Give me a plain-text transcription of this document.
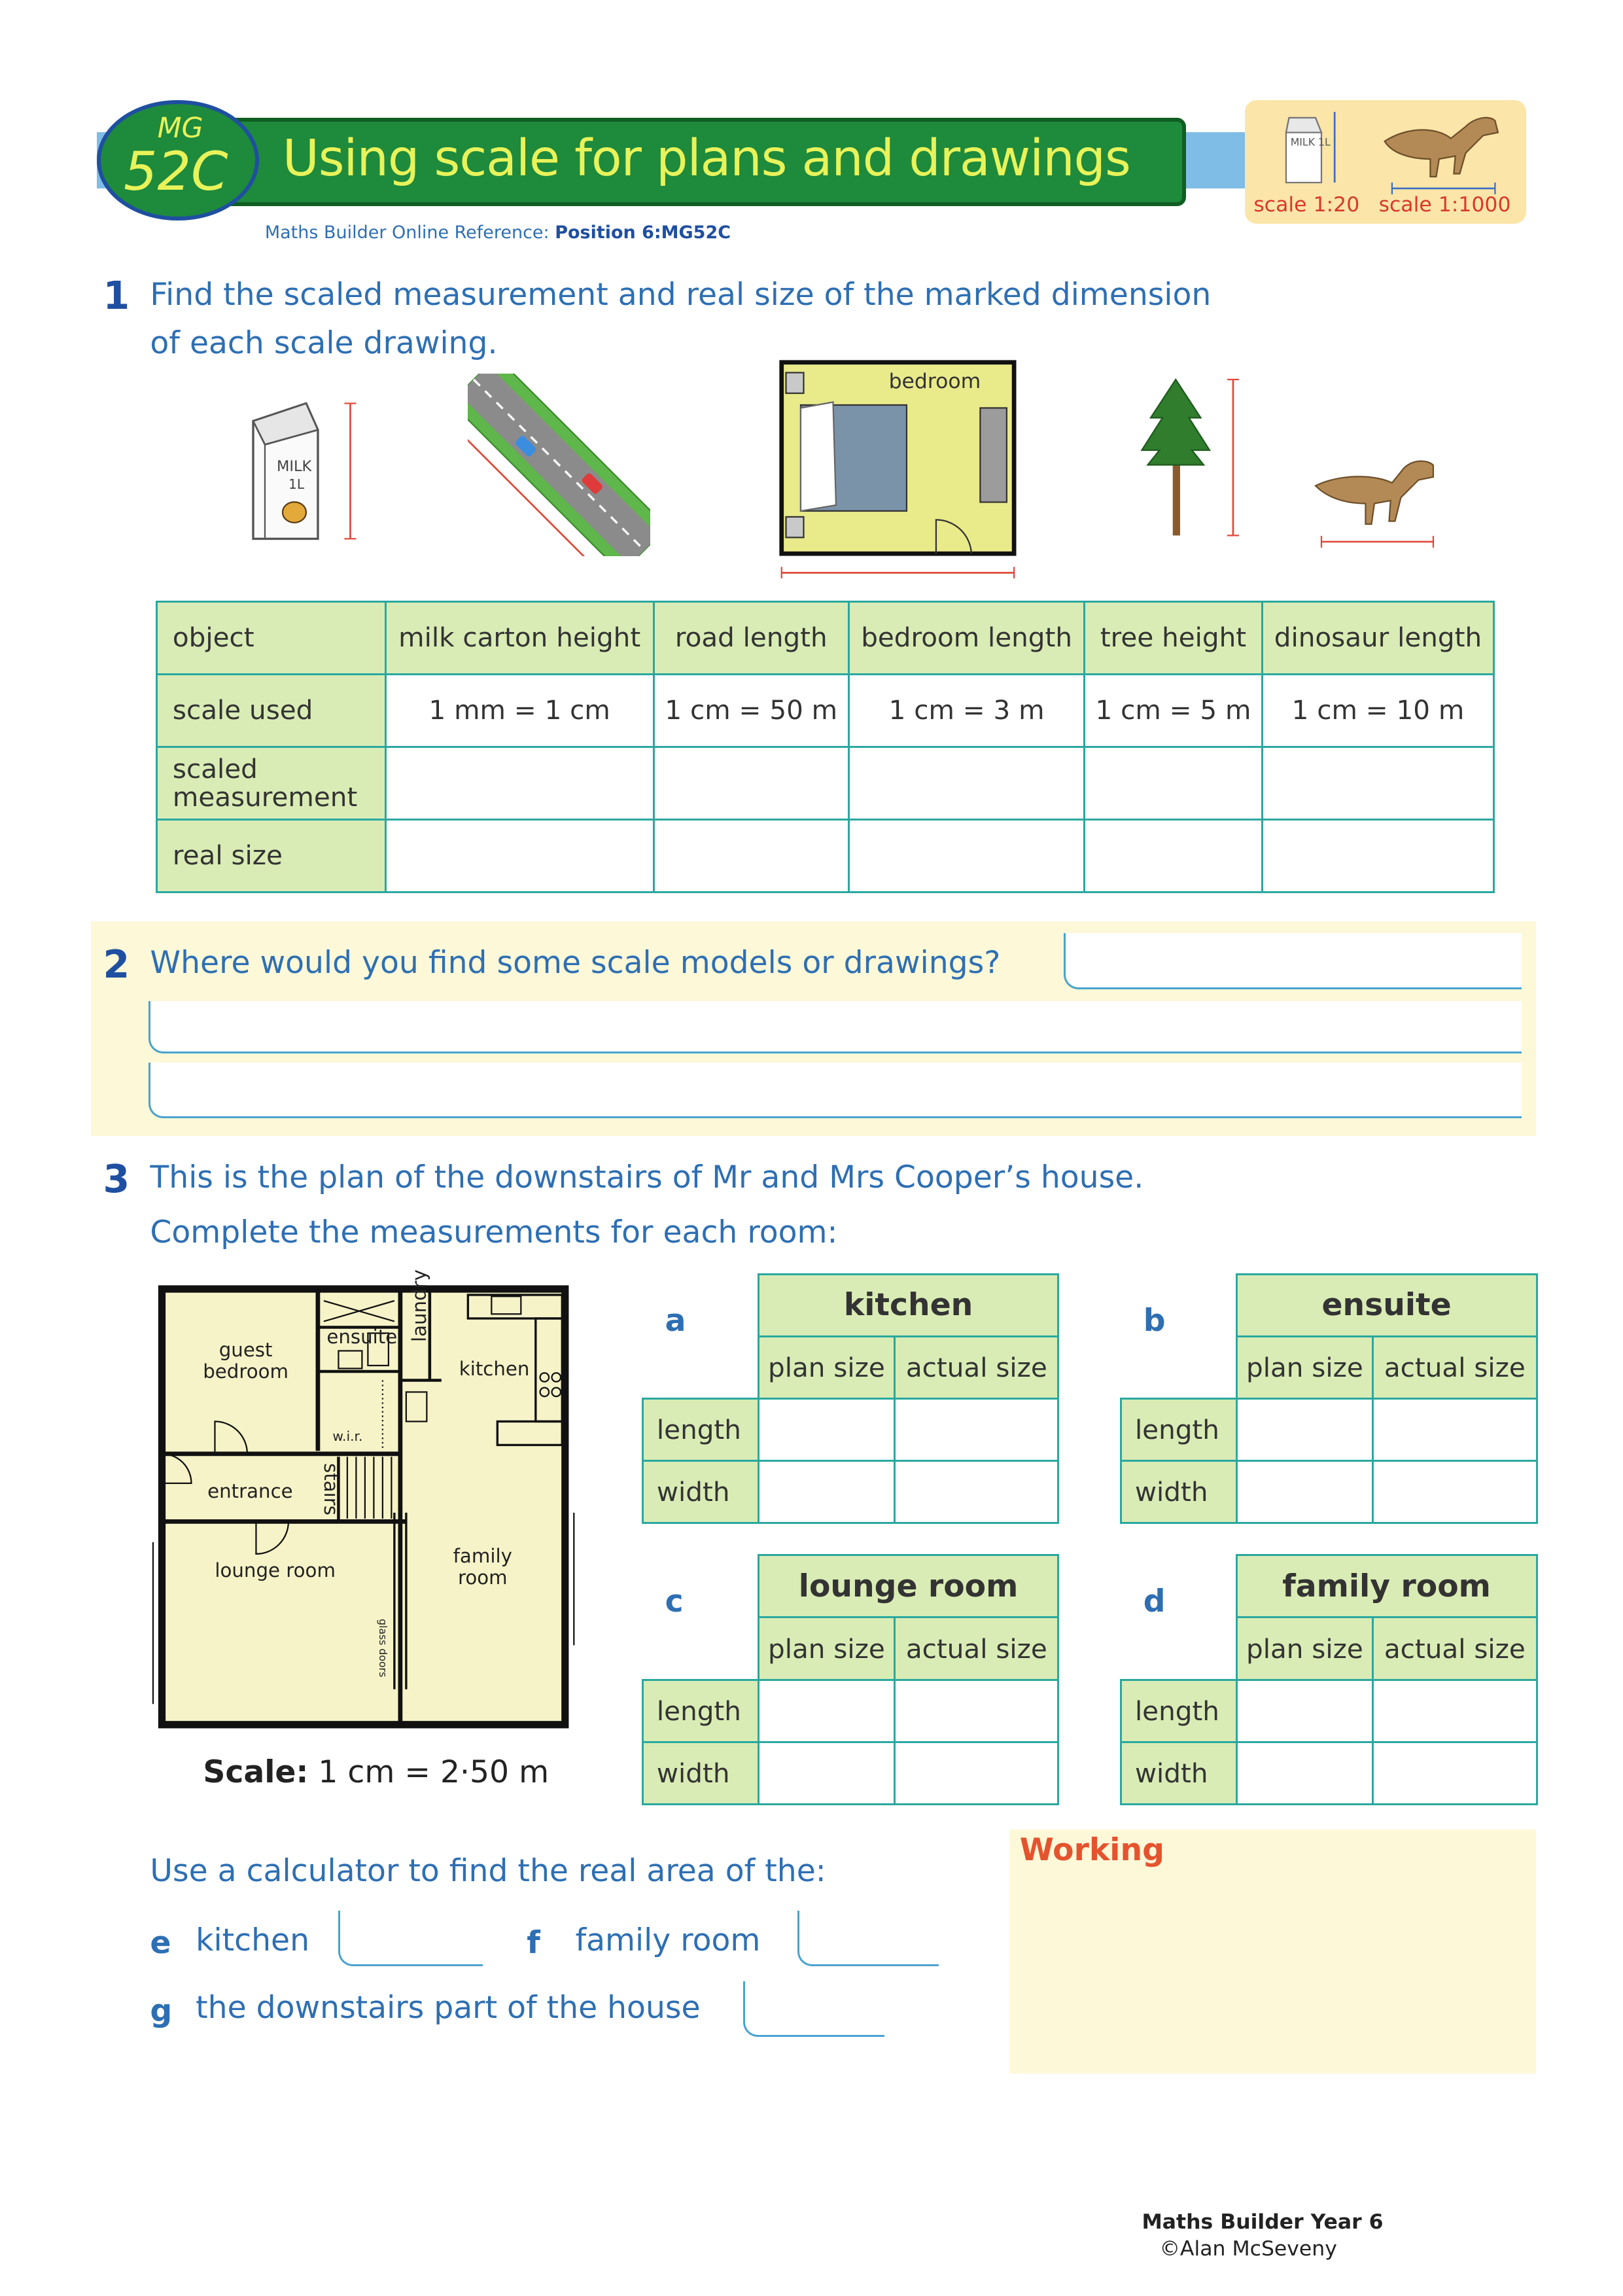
Using scale for plans and drawings
MG
52C
Maths Builder Online Reference: Position 6:MG52C
MILK 1L
scale 1:20 scale 1:1000
1 Find the scaled measurement and real size of the marked dimension
of each scale drawing.
MILK
1L
bedroom
object	milk carton height	road length	bedroom length	tree height	dinosaur length
scale used	1 mm = 1 cm	1 cm = 50 m	1 cm = 3 m	1 cm = 5 m	1 cm = 10 m
scaled measurement					
real size					
2 Where would you find some scale models or drawings?
3 This is the plan of the downstairs of Mr and Mrs Cooper’s house.
Complete the measurements for each room:
guest bedroom
ensuite laundry
kitchen
w.i.r.
stairs
entrance
lounge room
family room
glass doors
Scale: 1 cm = 2·50 m
a
		kitchen	
	plan size	actual size
length		
width		
b
		ensuite	
	plan size	actual size
length		
width		
c
		lounge room	
	plan size	actual size
length		
width		
d
		family room	
	plan size	actual size
length		
width		
Use a calculator to find the real area of the:
e kitchen	f	family room
g the downstairs part of the house
Working
Maths Builder Year 6
©Alan McSeveny
